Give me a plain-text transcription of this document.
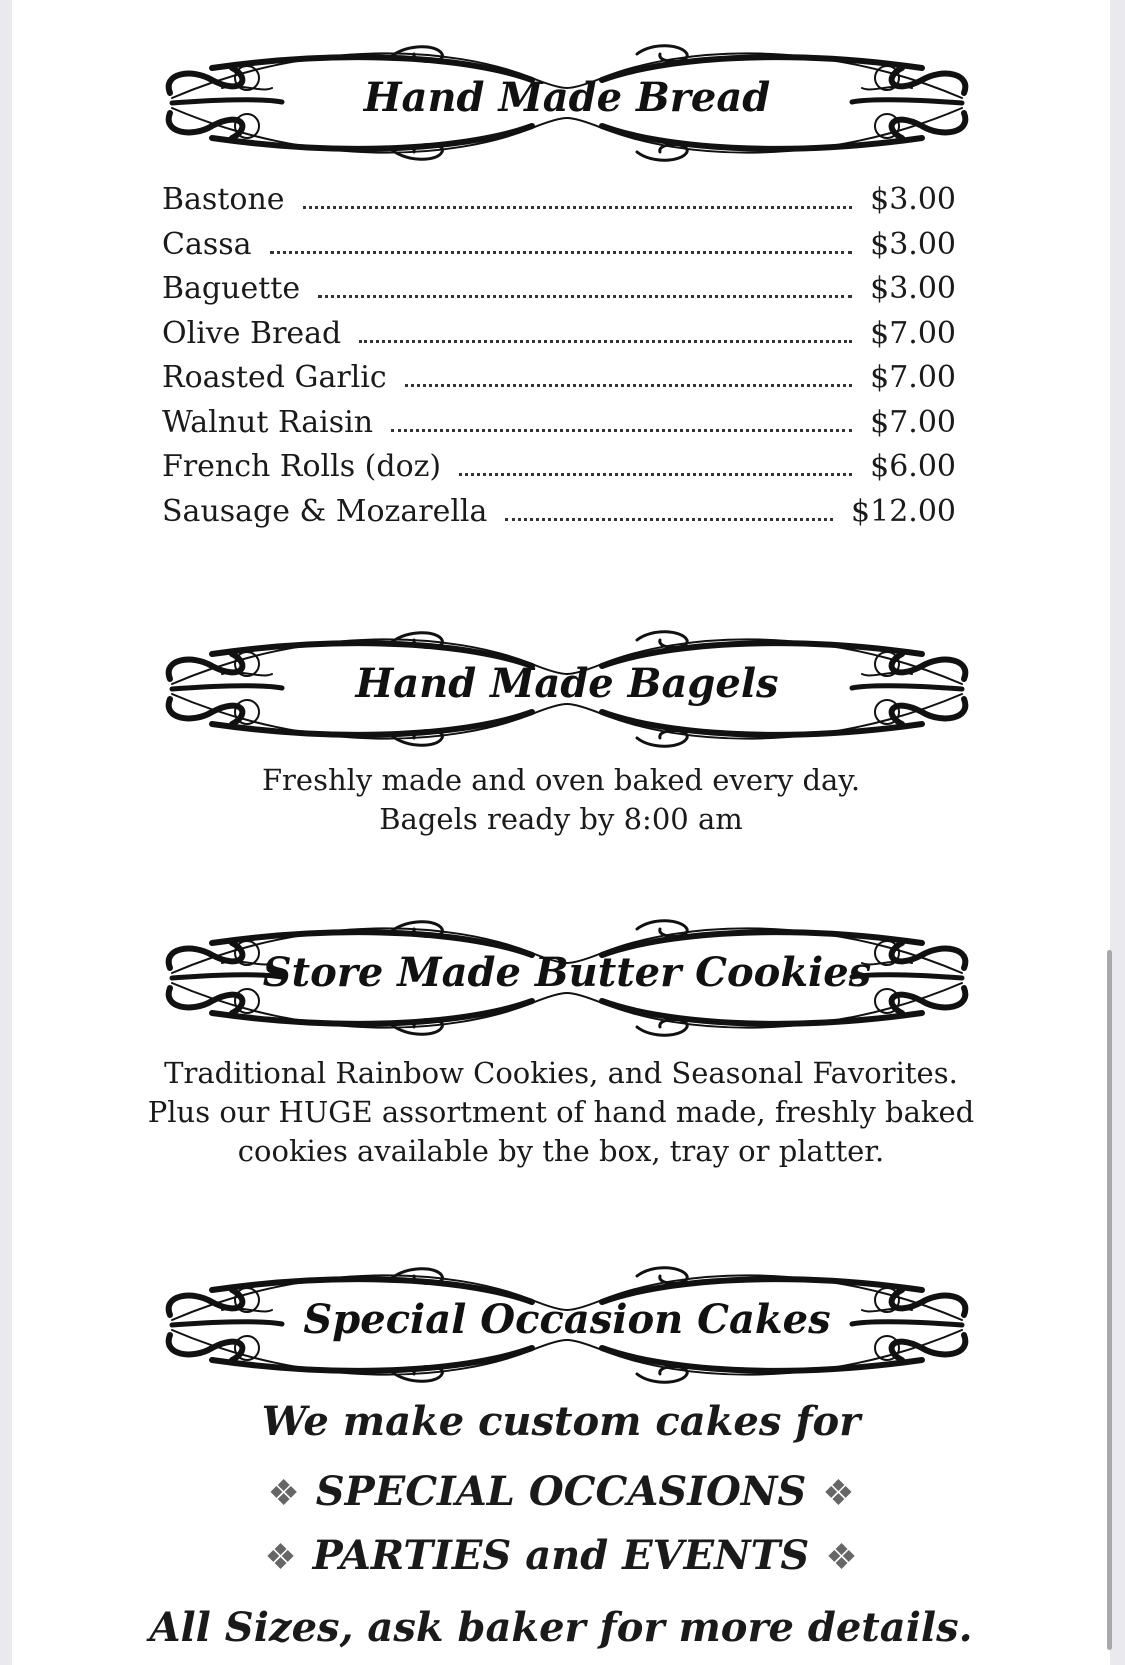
Hand Made Bread
Bastone	$3.00
Cassa	$3.00
Baguette	$3.00
Olive Bread	$7.00
Roasted Garlic	$7.00
Walnut Raisin	$7.00
French Rolls (doz)	$6.00
Sausage & Mozarella	$12.00
Hand Made Bagels
Freshly made and oven baked every day.
Bagels ready by 8:00 am
Store Made Butter Cookies
Traditional Rainbow Cookies, and Seasonal Favorites.
Plus our HUGE assortment of hand made, freshly baked
cookies available by the box, tray or platter.
Special Occasion Cakes
We make custom cakes for
❖ SPECIAL OCCASIONS ❖
❖ PARTIES and EVENTS ❖
All Sizes, ask baker for more details.
